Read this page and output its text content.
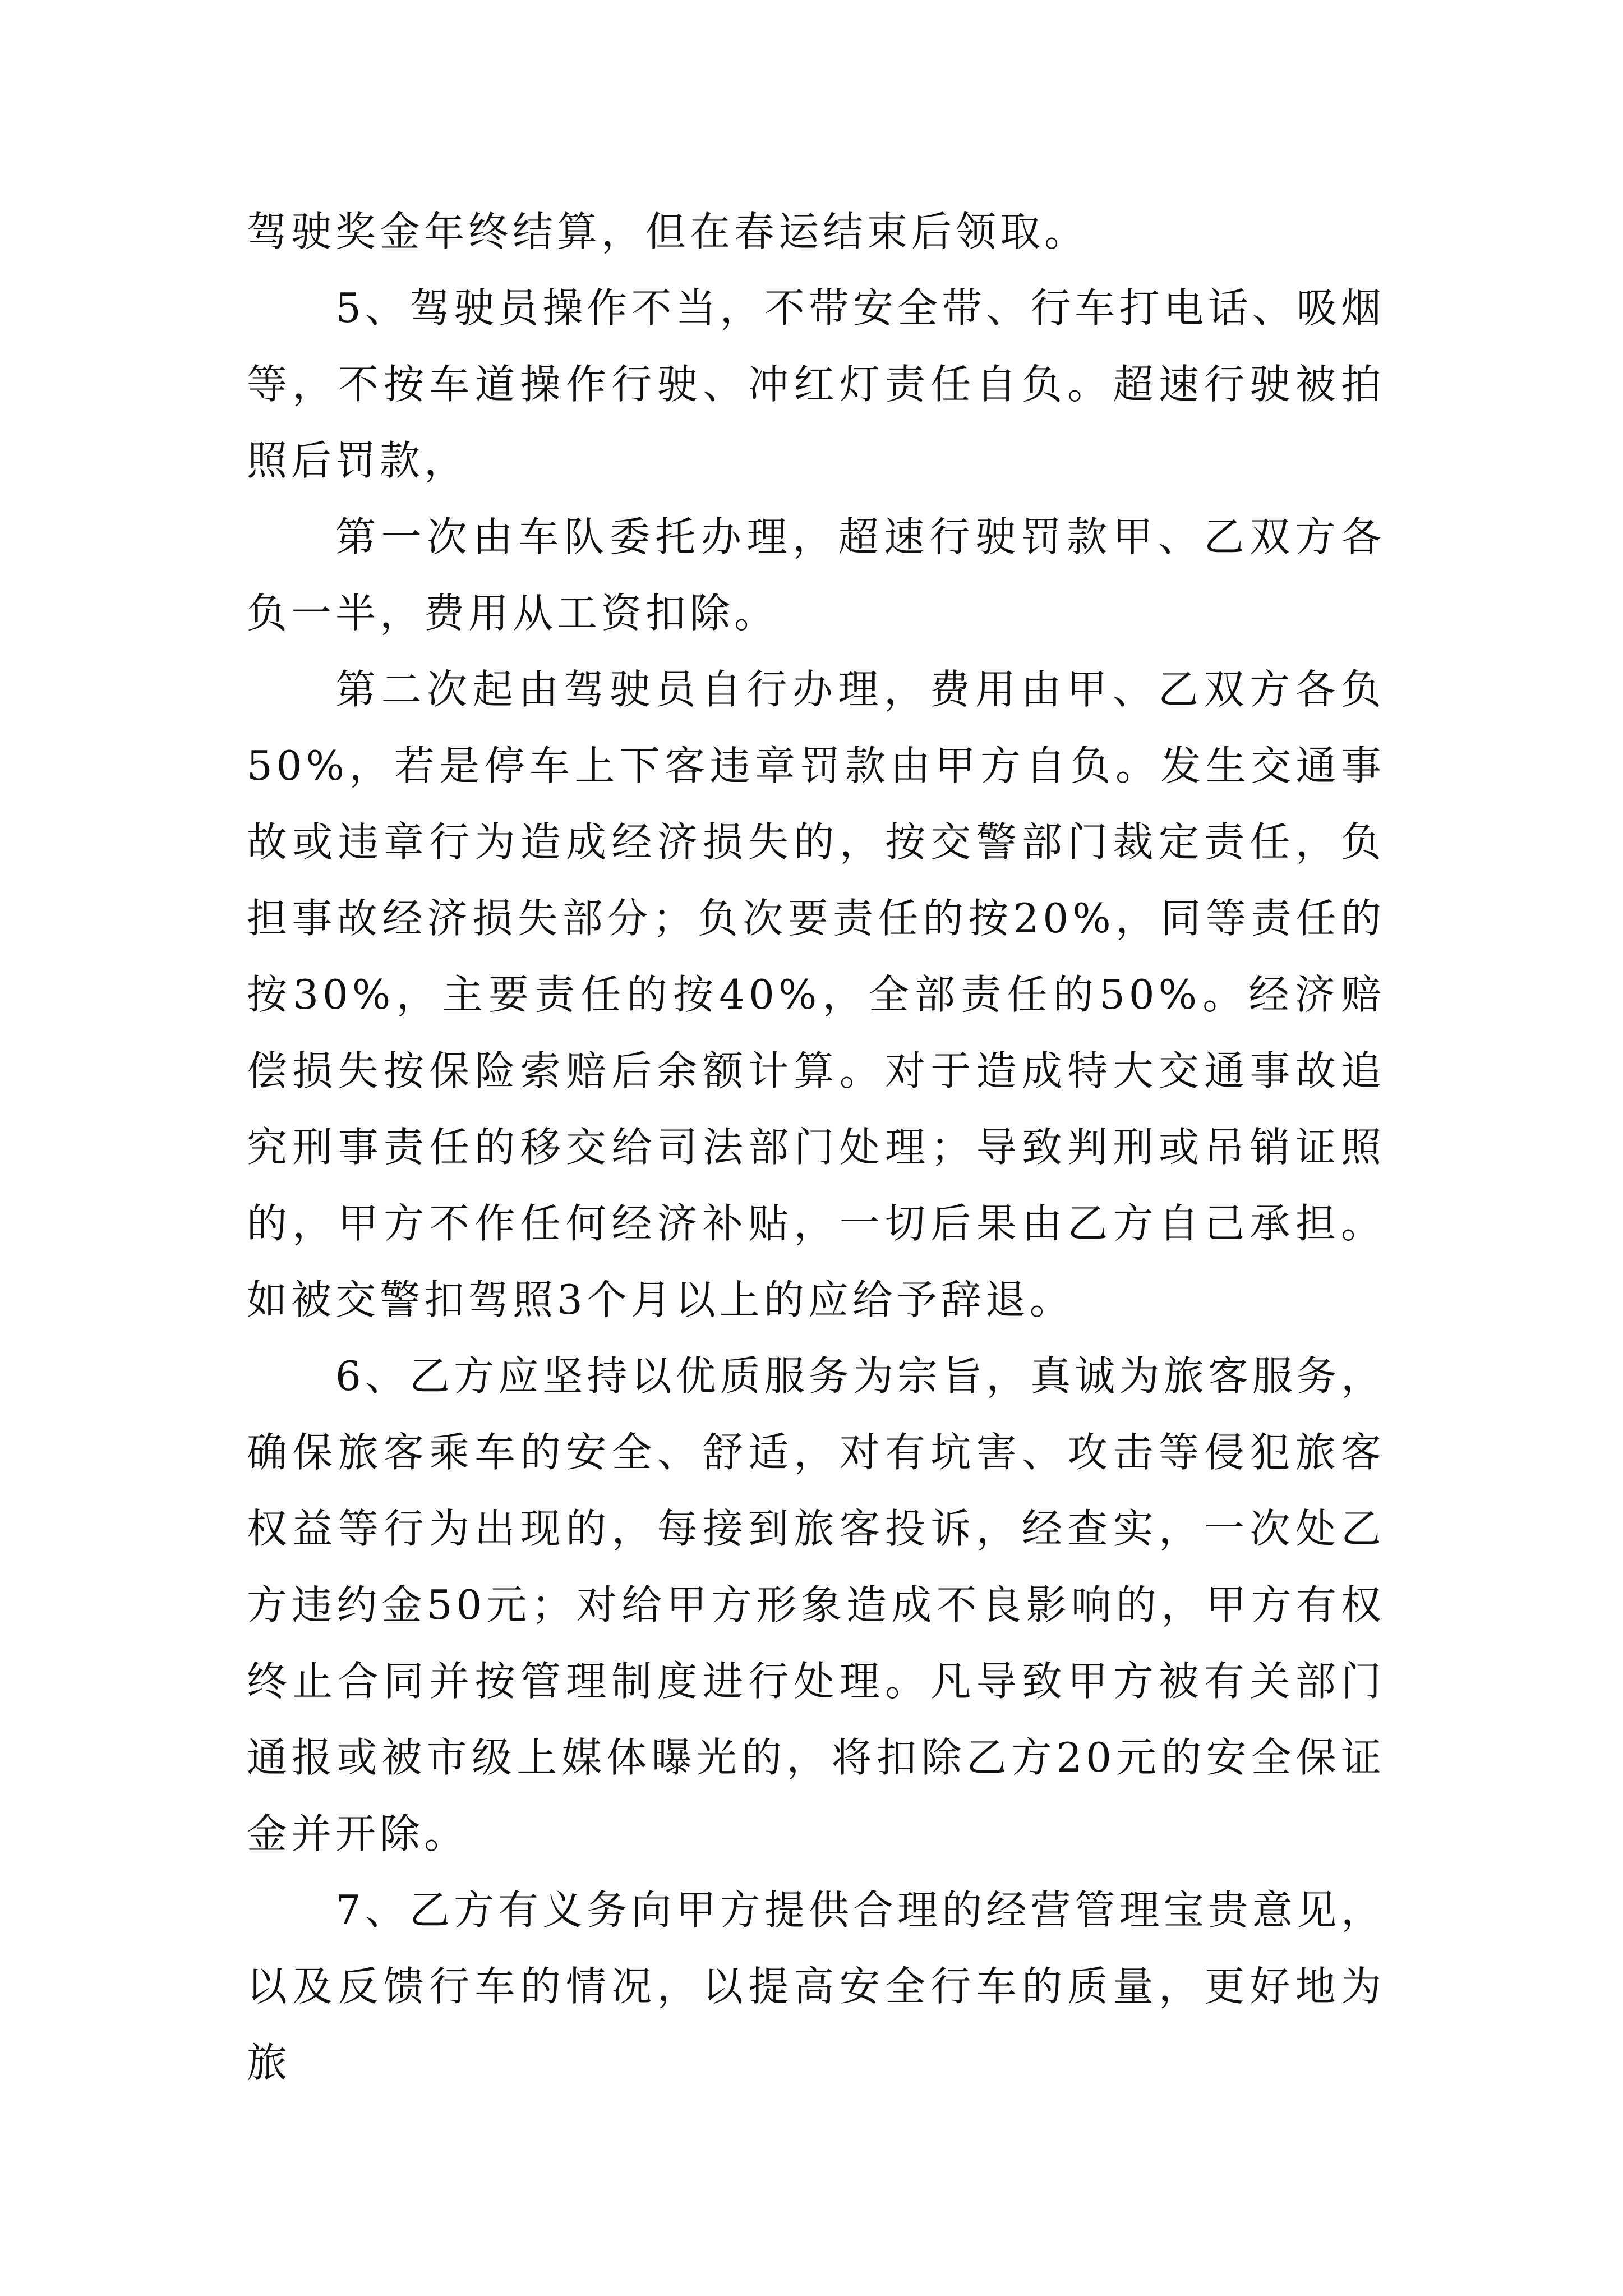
驾驶奖金年终结算，但在春运结束后领取。

5、驾驶员操作不当，不带安全带、行车打电话、吸烟等，不按车道操作行驶、冲红灯责任自负。超速行驶被拍照后罚款，

第一次由车队委托办理，超速行驶罚款甲、乙双方各负一半，费用从工资扣除。

第二次起由驾驶员自行办理，费用由甲、乙双方各负50%，若是停车上下客违章罚款由甲方自负。发生交通事故或违章行为造成经济损失的，按交警部门裁定责任，负担事故经济损失部分；负次要责任的按20%，同等责任的按30%，主要责任的按40%，全部责任的50%。经济赔偿损失按保险索赔后余额计算。对于造成特大交通事故追究刑事责任的移交给司法部门处理；导致判刑或吊销证照的，甲方不作任何经济补贴，一切后果由乙方自己承担。如被交警扣驾照3个月以上的应给予辞退。

6、乙方应坚持以优质服务为宗旨，真诚为旅客服务，确保旅客乘车的安全、舒适，对有坑害、攻击等侵犯旅客权益等行为出现的，每接到旅客投诉，经查实，一次处乙方违约金50元；对给甲方形象造成不良影响的，甲方有权终止合同并按管理制度进行处理。凡导致甲方被有关部门通报或被市级上媒体曝光的，将扣除乙方20元的安全保证金并开除。

7、乙方有义务向甲方提供合理的经营管理宝贵意见，以及反馈行车的情况，以提高安全行车的质量，更好地为旅
